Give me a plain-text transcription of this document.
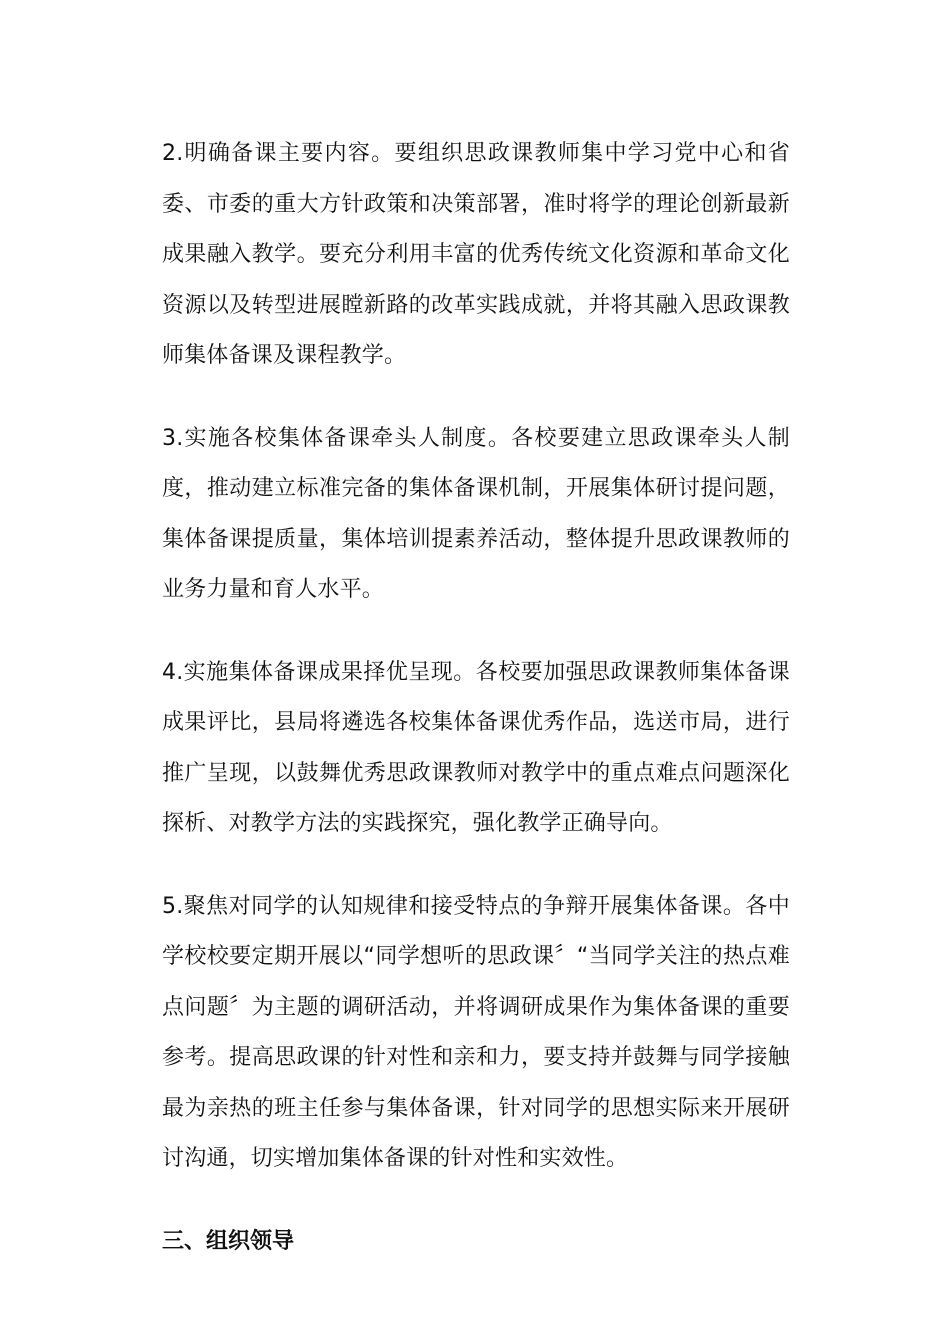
2.明确备课主要内容。要组织思政课教师集中学习党中心和省委、市委的重大方针政策和决策部署，准时将学的理论创新最新成果融入教学。要充分利用丰富的优秀传统文化资源和革命文化资源以及转型进展瞠新路的改革实践成就，并将其融入思政课教师集体备课及课程教学。

3.实施各校集体备课牵头人制度。各校要建立思政课牵头人制度，推动建立标准完备的集体备课机制，开展集体研讨提问题，集体备课提质量，集体培训提素养活动，整体提升思政课教师的业务力量和育人水平。

4.实施集体备课成果择优呈现。各校要加强思政课教师集体备课成果评比，县局将遴选各校集体备课优秀作品，选送市局，进行推广呈现，以鼓舞优秀思政课教师对教学中的重点难点问题深化探析、对教学方法的实践探究，强化教学正确导向。

5.聚焦对同学的认知规律和接受特点的争辩开展集体备课。各中学校校要定期开展以“同学想听的思政课〞“当同学关注的热点难点问题〞为主题的调研活动，并将调研成果作为集体备课的重要参考。提高思政课的针对性和亲和力，要支持并鼓舞与同学接触最为亲热的班主任参与集体备课，针对同学的思想实际来开展研讨沟通，切实增加集体备课的针对性和实效性。

三、组织领导
